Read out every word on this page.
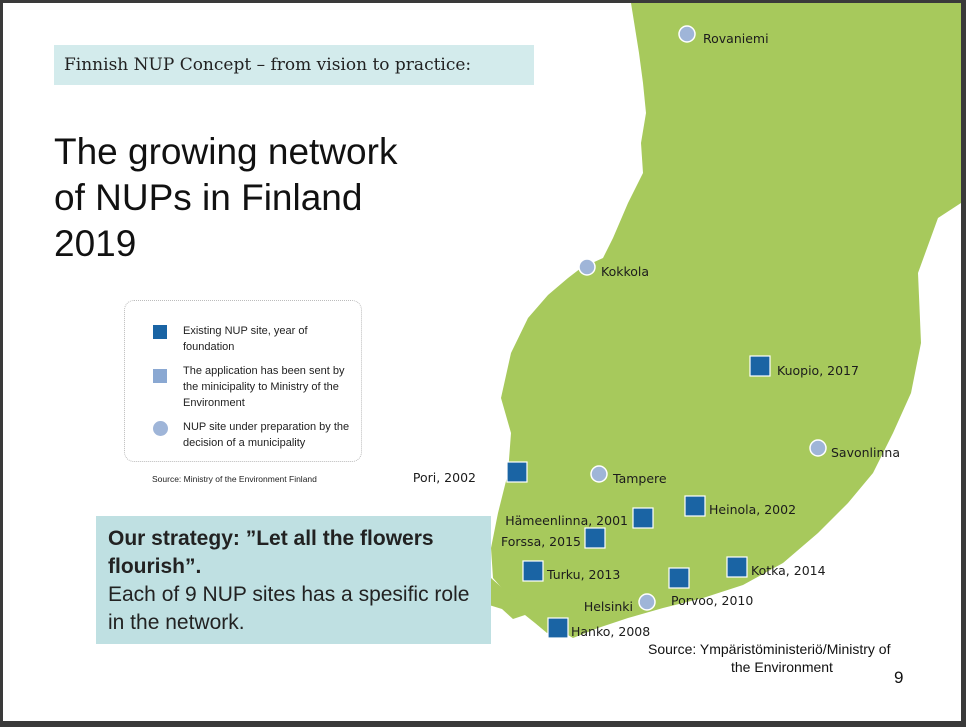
Pori, 2002
Hämeenlinna, 2001
Heinola, 2002
Forssa, 2015
Turku, 2013
Porvoo, 2010
Kotka, 2014
Hanko, 2008
Kuopio, 2017
Rovaniemi
Kokkola
Tampere
Savonlinna
Helsinki
Finnish NUP Concept – from vision to practice:
The growing network
of NUPs in Finland
2019
Existing NUP site, year of foundation
The application has been sent by the minicipality to Ministry of the Environment
NUP site under preparation by the decision of a municipality
Source: Ministry of the Environment Finland
Our strategy: ”Let all the flowers flourish”.
Each of 9 NUP sites has a spesific role in the network.
Source: Ympäristöministeriö/Ministry of
the Environment
9
